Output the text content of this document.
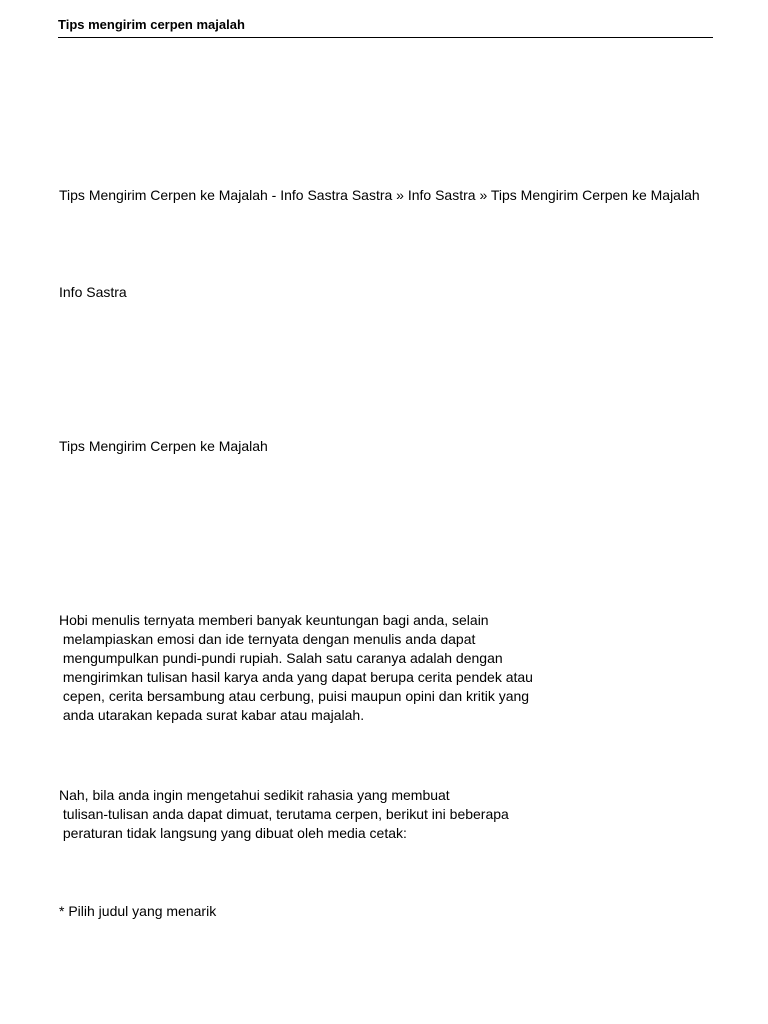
Tips mengirim cerpen majalah
Tips Mengirim Cerpen ke Majalah - Info Sastra Sastra » Info Sastra » Tips Mengirim Cerpen ke Majalah
Info Sastra
Tips Mengirim Cerpen ke Majalah
Hobi menulis ternyata memberi banyak keuntungan bagi anda, selain
melampiaskan emosi dan ide ternyata dengan menulis anda dapat
mengumpulkan pundi-pundi rupiah. Salah satu caranya adalah dengan
mengirimkan tulisan hasil karya anda yang dapat berupa cerita pendek atau
cepen, cerita bersambung atau cerbung, puisi maupun opini dan kritik yang
anda utarakan kepada surat kabar atau majalah.
Nah, bila anda ingin mengetahui sedikit rahasia yang membuat
tulisan-tulisan anda dapat dimuat, terutama cerpen, berikut ini beberapa
peraturan tidak langsung yang dibuat oleh media cetak:
* Pilih judul yang menarik
